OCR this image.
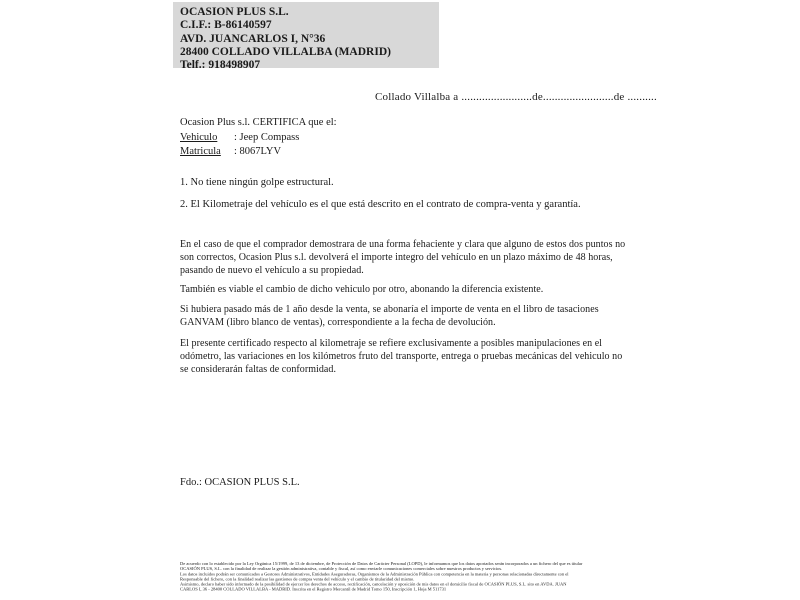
OCASION PLUS S.L.
C.I.F.: B-86140597
AVD. JUANCARLOS I, N°36
28400 COLLADO VILLALBA (MADRID)
Telf.: 918498907
Collado Villalba a ........................de........................de ..........
Ocasion Plus s.l. CERTIFICA que el:
Vehiculo : Jeep Compass
Matricula : 8067LYV
1. No tiene ningún golpe estructural.
2. El Kilometraje del vehículo es el que está descrito en el contrato de compra-venta y garantía.
En el caso de que el comprador demostrara de una forma fehaciente y clara que alguno de estos dos puntos no son correctos, Ocasion Plus s.l. devolverá el importe integro del vehículo en un plazo máximo de 48 horas, pasando de nuevo el vehículo a su propiedad.
También es viable el cambio de dicho vehiculo por otro, abonando la diferencia existente.
Si hubiera pasado más de 1 año desde la venta, se abonaría el importe de venta en el libro de tasaciones GANVAM (libro blanco de ventas), correspondiente a la fecha de devolución.
El presente certificado respecto al kilometraje se refiere exclusivamente a posibles manipulaciones en el odómetro, las variaciones en los kilómetros fruto del transporte, entrega o pruebas mecánicas del vehiculo no se considerarán faltas de conformidad.
Fdo.: OCASION PLUS S.L.
De acuerdo con lo establecido por la Ley Orgánica 15/1999, de 13 de diciembre, de Protección de Datos de Carácter Personal (LOPD), le informamos que los datos aportados serán incorporados a un fichero del que es titular
OCASIÓN PLUS, S.L. con la finalidad de realizar la gestión administrativa, contable y fiscal, así como enviarle comunicaciones comerciales sobre nuestros productos y servicios.
Los datos incluidos podrán ser comunicados a Gestores Administrativos, Entidades Aseguradoras, Organismos de la Administración Pública con competencia en la materia y personas relacionadas directamente con el
Responsable del fichero, con la finalidad realizar las gestiones de compra venta del vehículo y el cambio de titularidad del mismo.
Asimismo, declaro haber sido informado de la posibilidad de ejercer los derechos de acceso, rectificación, cancelación y oposición de mis datos en el domicilio fiscal de OCASIÓN PLUS, S.L. sito en AVDA. JUAN
CARLOS I, 36 - 28400 COLLADO VILLALBA - MADRID. Inscrita en el Registro Mercantil de Madrid Tomo 150, Inscripción 1, Hoja M 511731
